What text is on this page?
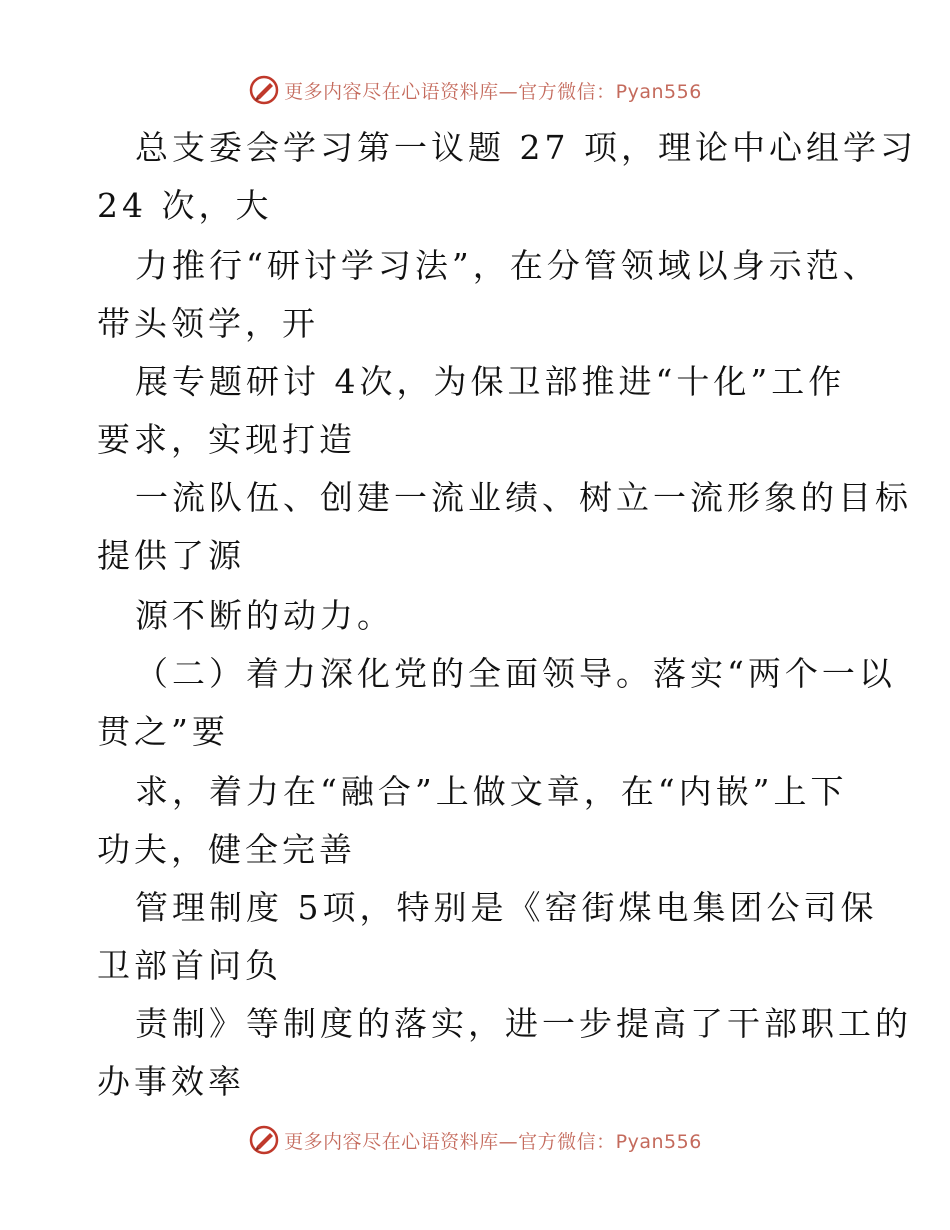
更多内容尽在心语资料库—官方微信：Pyan556
总支委会学习第一议题 27 项，理论中心组学习
24 次，大
力推行“研讨学习法”，在分管领域以身示范、
带头领学，开
展专题研讨 4次，为保卫部推进“十化”工作
要求，实现打造
一流队伍、创建一流业绩、树立一流形象的目标
提供了源
源不断的动力。
（二）着力深化党的全面领导。落实“两个一以
贯之”要
求，着力在“融合”上做文章，在“内嵌”上下
功夫，健全完善
管理制度 5项，特别是《窑街煤电集团公司保
卫部首问负
责制》等制度的落实，进一步提高了干部职工的
办事效率
更多内容尽在心语资料库—官方微信：Pyan556
